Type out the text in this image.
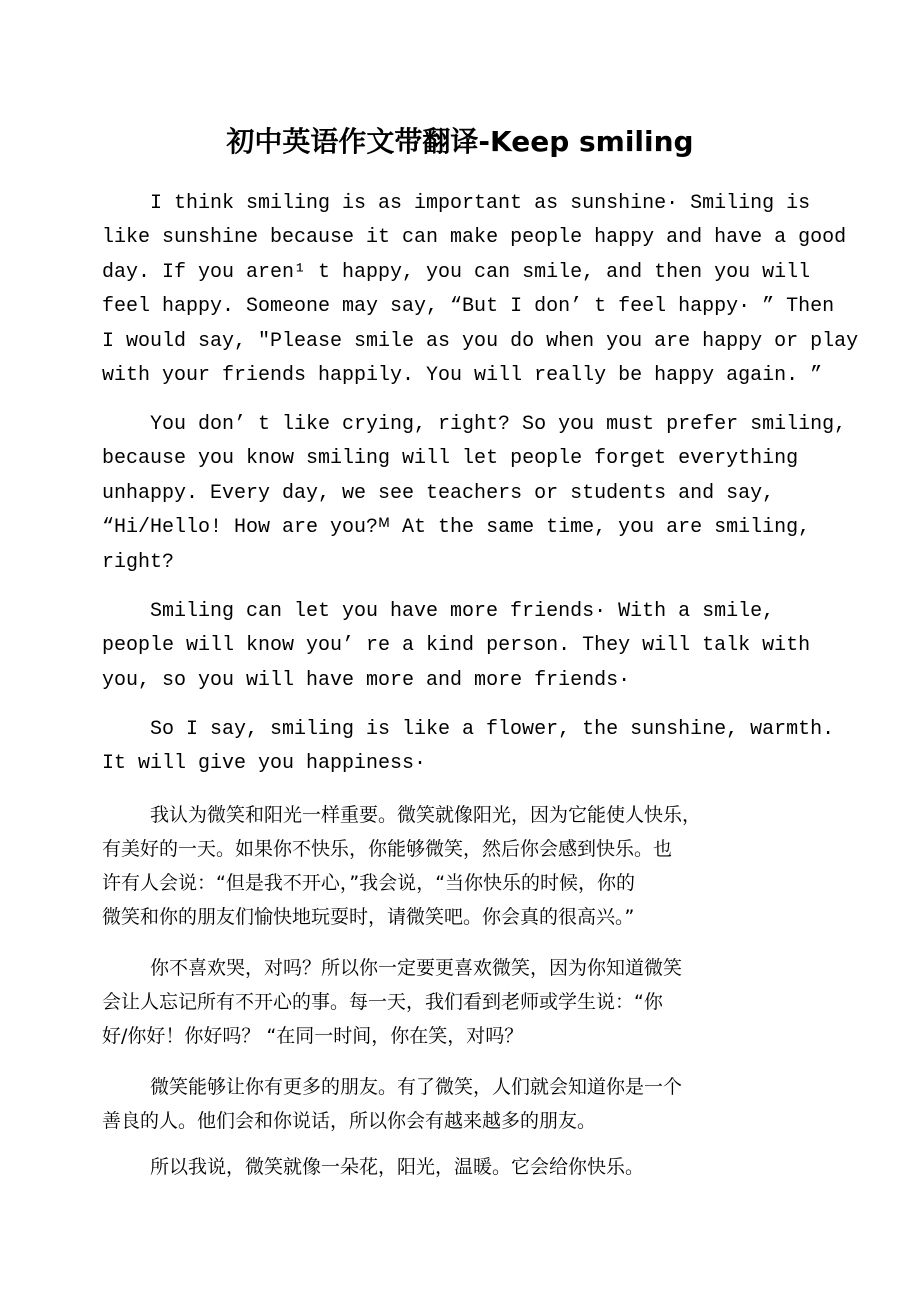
初中英语作文带翻译-Keep smiling
I think smiling is as important as sunshine· Smiling is
like sunshine because it can make people happy and have a good
day. If you aren¹ t happy, you can smile, and then you will
feel happy. Someone may say, “But I don’ t feel happy· ” Then
I would say, ″Please smile as you do when you are happy or play
with your friends happily. You will really be happy again. ”
You don’ t like crying, right? So you must prefer smiling,
because you know smiling will let people forget everything
unhappy. Every day, we see teachers or students and say,
“Hi/Hello! How are you?ᴹ At the same time, you are smiling,
right?
Smiling can let you have more friends· With a smile,
people will know you’ re a kind person. They will talk with
you, so you will have more and more friends·
So I say, smiling is like a flower, the sunshine, warmth.
It will give you happiness·
我认为微笑和阳光一样重要。微笑就像阳光，因为它能使人快乐，
有美好的一天。如果你不快乐，你能够微笑，然后你会感到快乐。也
许有人会说：“但是我不开心，”我会说，“当你快乐的时候，你的
微笑和你的朋友们愉快地玩耍时，请微笑吧。你会真的很高兴。”
你不喜欢哭，对吗？所以你一定要更喜欢微笑，因为你知道微笑
会让人忘记所有不开心的事。每一天，我们看到老师或学生说：“你
好/你好！你好吗？ “在同一时间，你在笑，对吗？
微笑能够让你有更多的朋友。有了微笑，人们就会知道你是一个
善良的人。他们会和你说话，所以你会有越来越多的朋友。
所以我说，微笑就像一朵花，阳光，温暖。它会给你快乐。
